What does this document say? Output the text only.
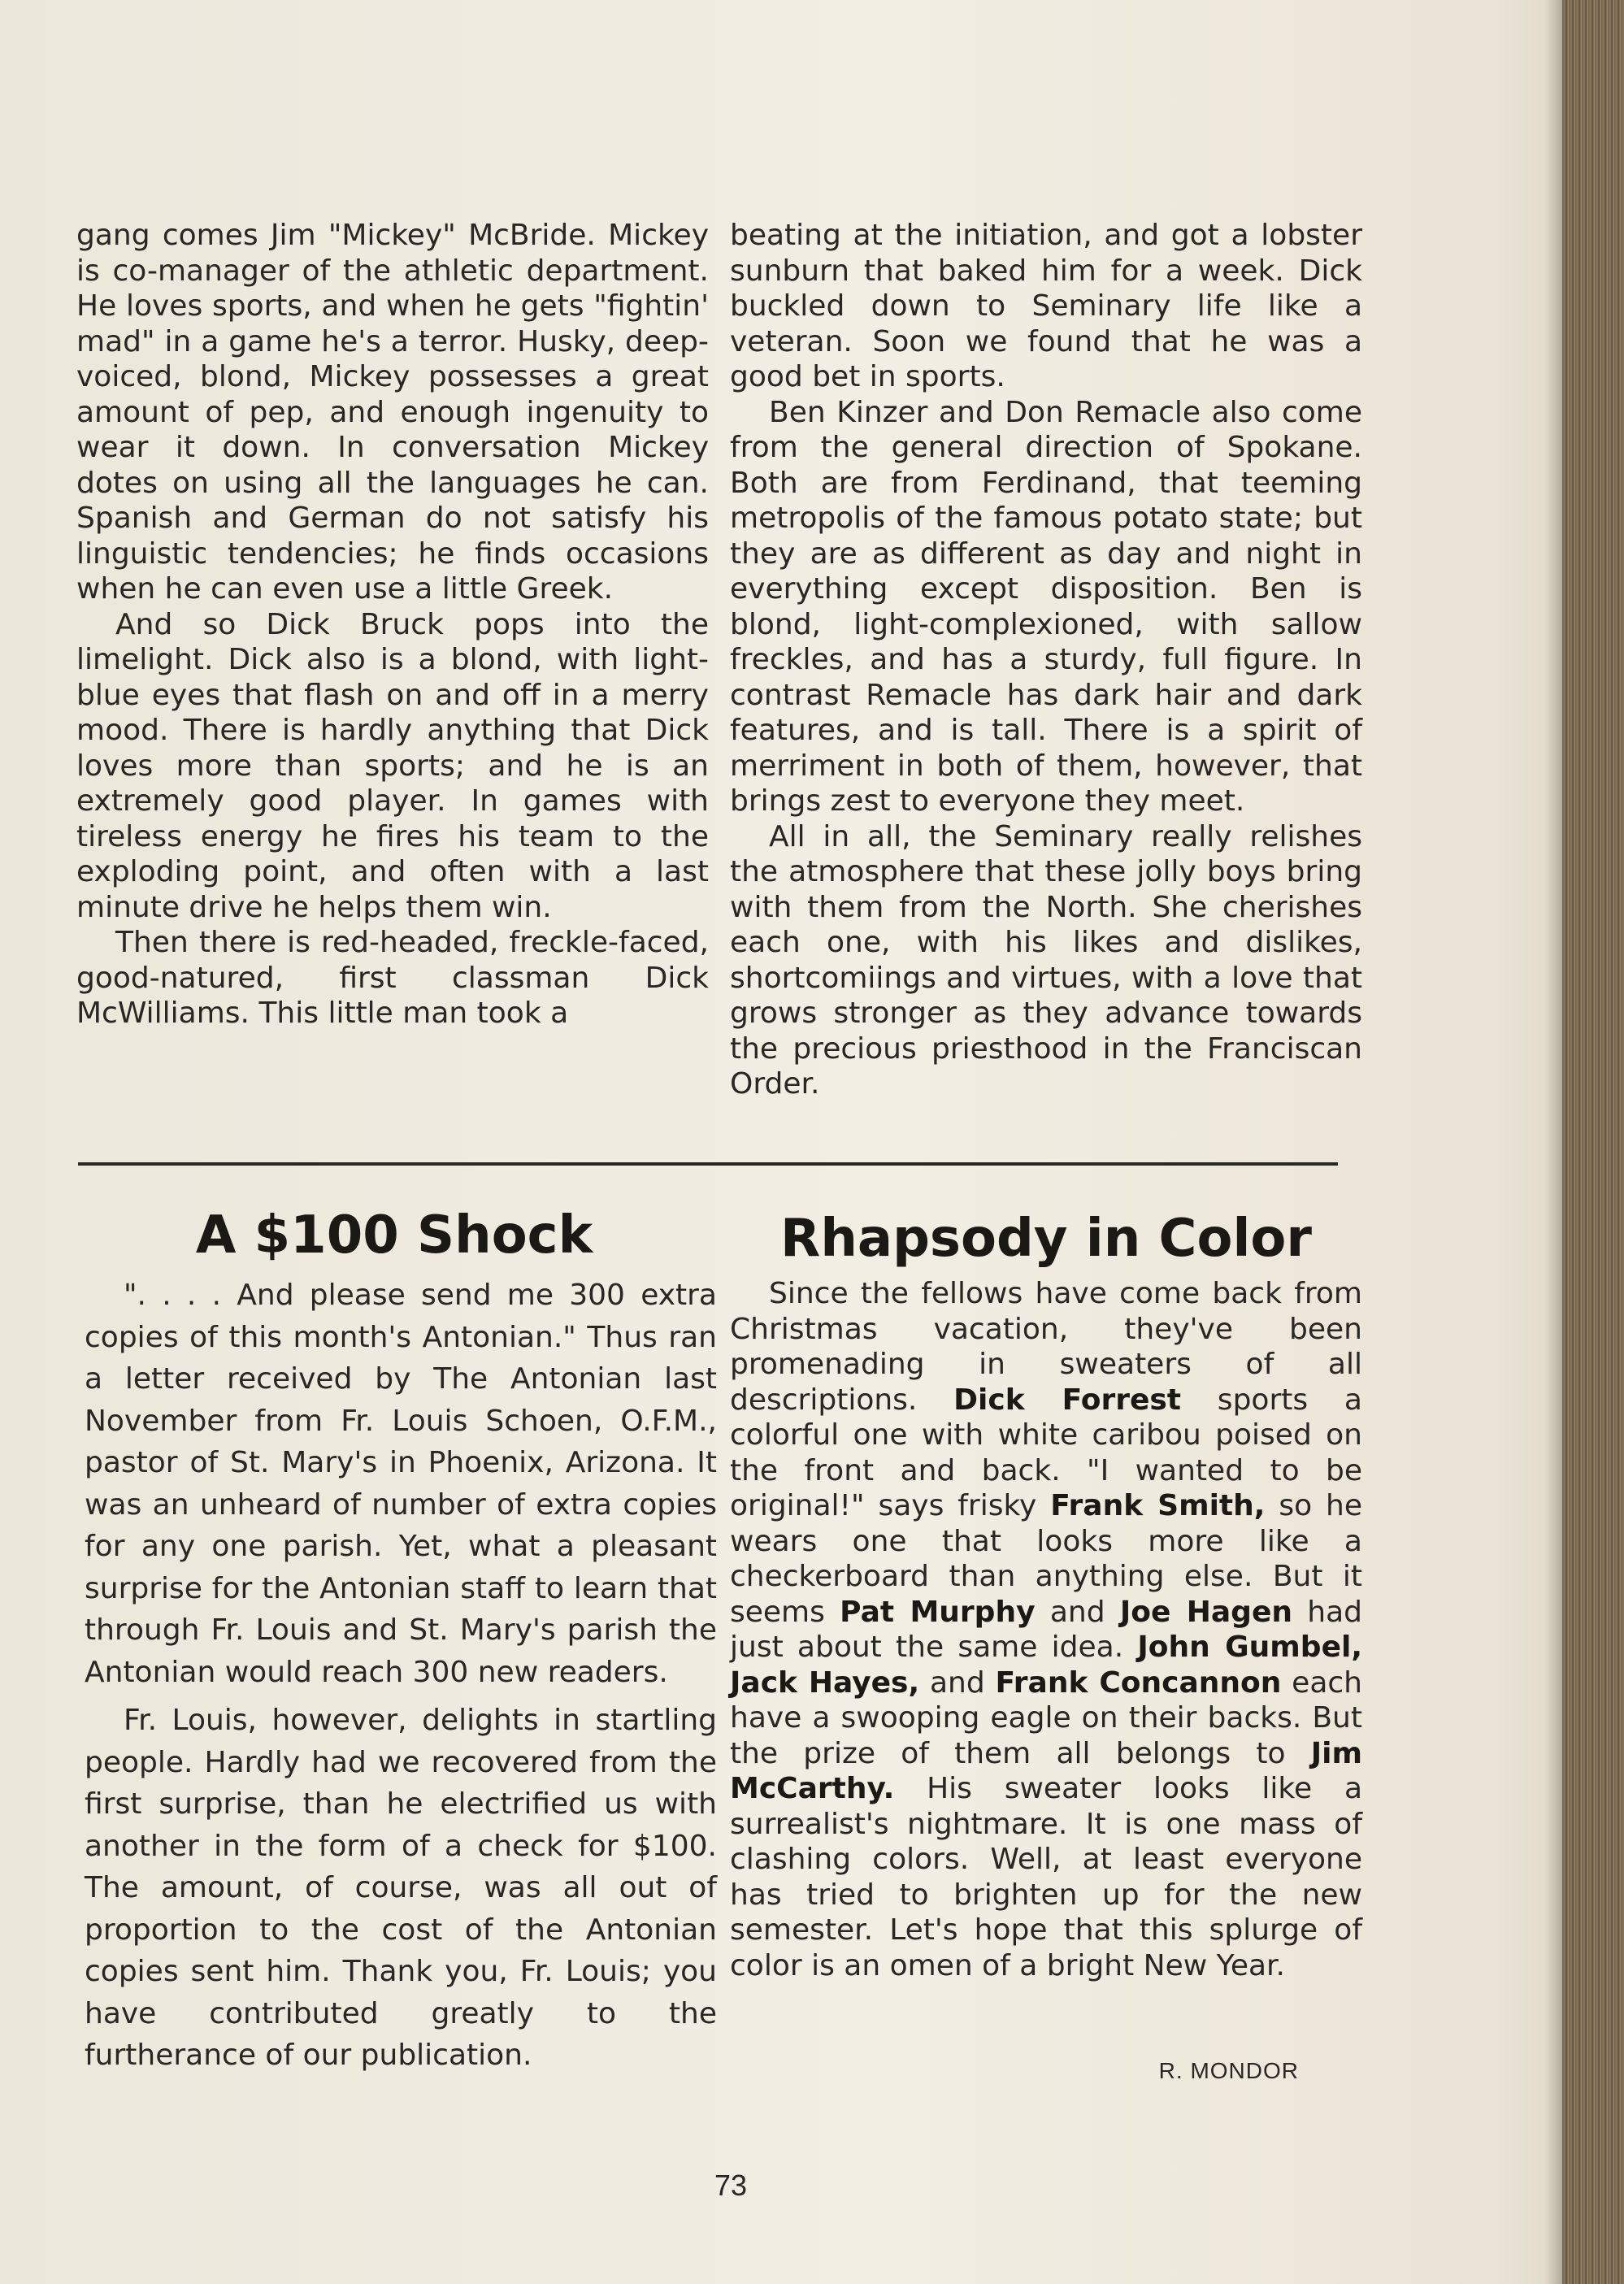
gang comes Jim "Mickey" McBride. Mickey is co-manager of the athletic department. He loves sports, and when he gets "fightin' mad" in a game he's a terror. Husky, deep-voiced, blond, Mickey possesses a great amount of pep, and enough ingenuity to wear it down. In conversation Mickey dotes on using all the languages he can. Spanish and German do not satisfy his linguistic tendencies; he finds occasions when he can even use a little Greek.

And so Dick Bruck pops into the limelight. Dick also is a blond, with light-blue eyes that flash on and off in a merry mood. There is hardly anything that Dick loves more than sports; and he is an extremely good player. In games with tireless energy he fires his team to the exploding point, and often with a last minute drive he helps them win.

Then there is red-headed, freckle-faced, good-natured, first classman Dick McWilliams. This little man took a

beating at the initiation, and got a lobster sunburn that baked him for a week. Dick buckled down to Seminary life like a veteran. Soon we found that he was a good bet in sports.

Ben Kinzer and Don Remacle also come from the general direction of Spokane. Both are from Ferdinand, that teeming metropolis of the famous potato state; but they are as different as day and night in everything except disposition. Ben is blond, light-complexioned, with sallow freckles, and has a sturdy, full figure. In contrast Remacle has dark hair and dark features, and is tall. There is a spirit of merriment in both of them, however, that brings zest to everyone they meet.

All in all, the Seminary really relishes the atmosphere that these jolly boys bring with them from the North. She cherishes each one, with his likes and dislikes, shortcomiings and virtues, with a love that grows stronger as they advance towards the precious priesthood in the Franciscan Order.

A $100 Shock	Rhapsody in Color

". . . . And please send me 300 extra copies of this month's Antonian." Thus ran a letter received by The Antonian last November from Fr. Louis Schoen, O.F.M., pastor of St. Mary's in Phoenix, Arizona. It was an unheard of number of extra copies for any one parish. Yet, what a pleasant surprise for the Antonian staff to learn that through Fr. Louis and St. Mary's parish the Antonian would reach 300 new readers.

Fr. Louis, however, delights in startling people. Hardly had we recovered from the first surprise, than he electrified us with another in the form of a check for $100. The amount, of course, was all out of proportion to the cost of the Antonian copies sent him. Thank you, Fr. Louis; you have contributed greatly to the furtherance of our publication.

Since the fellows have come back from Christmas vacation, they've been promenading in sweaters of all descriptions. Dick Forrest sports a colorful one with white caribou poised on the front and back. "I wanted to be original!" says frisky Frank Smith, so he wears one that looks more like a checkerboard than anything else. But it seems Pat Murphy and Joe Hagen had just about the same idea. John Gumbel, Jack Hayes, and Frank Concannon each have a swooping eagle on their backs. But the prize of them all belongs to Jim McCarthy. His sweater looks like a surrealist's nightmare. It is one mass of clashing colors. Well, at least everyone has tried to brighten up for the new semester. Let's hope that this splurge of color is an omen of a bright New Year.

R. MONDOR
73
